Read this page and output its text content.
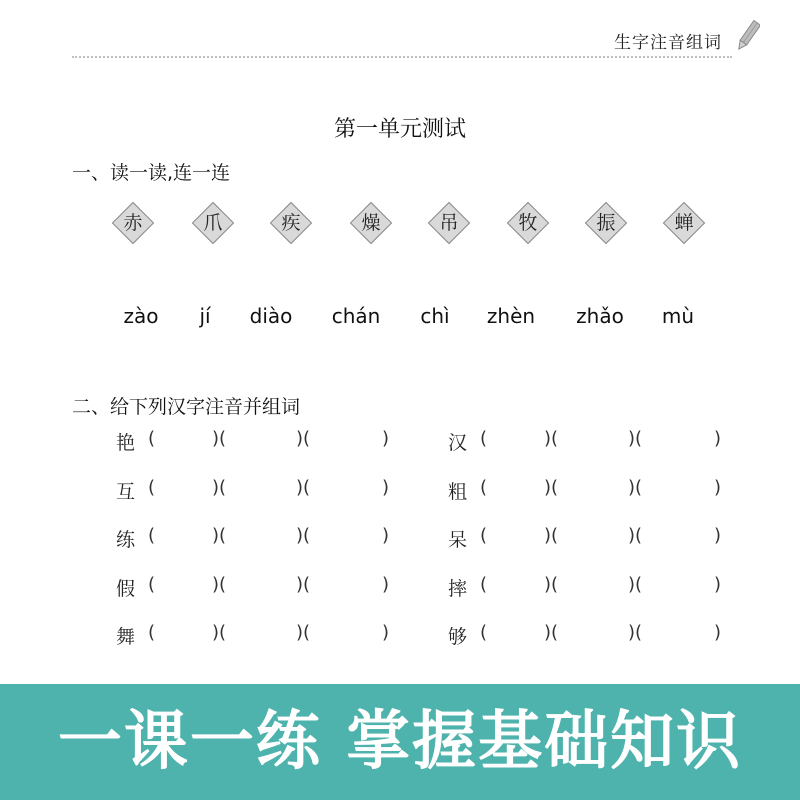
生字注音组词
第一单元测试
一、读一读,连一连
赤	爪	疾	燥	吊	牧	振	蝉
zào jí diào chán chì zhèn zhǎo mù
二、给下列汉字注音并组词
艳 (	)(	)(	)	汉 (	)(	)(	)
互 (	)(	)(	)	粗 (	)(	)(	)
练 (	)(	)(	)	呆 (	)(	)(	)
假 (	)(	)(	)	摔 (	)(	)(	)
舞 (	)(	)(	)	够 (	)(	)(	)
一课一练 掌握基础知识
